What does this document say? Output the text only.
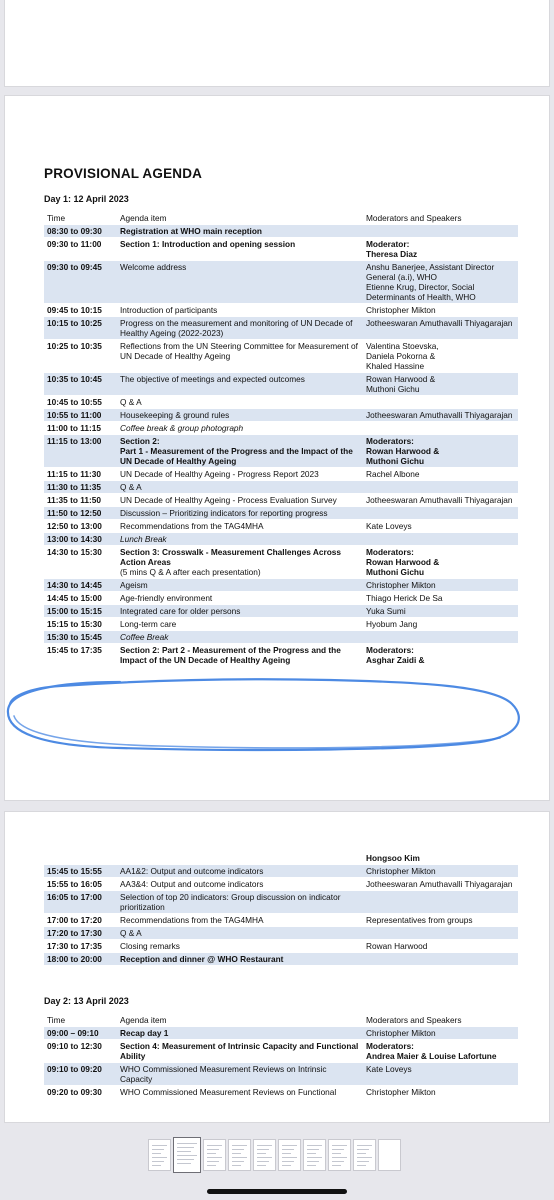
PROVISIONAL AGENDA
Day 1: 12 April 2023
Time	Agenda item	Moderators and Speakers
08:30 to 09:30	Registration at WHO main reception	
09:30 to 11:00	Section 1: Introduction and opening session	Moderator:
Theresa Diaz
09:30 to 09:45	Welcome address	Anshu Banerjee, Assistant Director General (a.i), WHO
Etienne Krug, Director, Social Determinants of Health, WHO
09:45 to 10:15	Introduction of participants	Christopher Mikton
10:15 to 10:25	Progress on the measurement and monitoring of UN Decade of Healthy Ageing (2022-2023)	Jotheeswaran Amuthavalli Thiyagarajan
10:25 to 10:35	Reflections from the UN Steering Committee for Measurement of UN Decade of Healthy Ageing	Valentina Stoevska,
Daniela Pokorna &
Khaled Hassine
10:35 to 10:45	The objective of meetings and expected outcomes	Rowan Harwood &
Muthoni Gichu
10:45 to 10:55	Q & A	
10:55 to 11:00	Housekeeping & ground rules	Jotheeswaran Amuthavalli Thiyagarajan
11:00 to 11:15	Coffee break & group photograph	
11:15 to 13:00	Section 2:
Part 1 - Measurement of the Progress and the Impact of the UN Decade of Healthy Ageing	Moderators:
Rowan Harwood &
Muthoni Gichu
11:15 to 11:30	UN Decade of Healthy Ageing - Progress Report 2023	Rachel Albone
11:30 to 11:35	Q & A	
11:35 to 11:50	UN Decade of Healthy Ageing - Process Evaluation Survey	Jotheeswaran Amuthavalli Thiyagarajan
11:50 to 12:50	Discussion – Prioritizing indicators for reporting progress	
12:50 to 13:00	Recommendations from the TAG4MHA	Kate Loveys
13:00 to 14:30	Lunch Break	
14:30 to 15:30	Section 3: Crosswalk - Measurement Challenges Across Action Areas
(5 mins Q & A after each presentation)	Moderators:
Rowan Harwood &
Muthoni Gichu
14:30 to 14:45	Ageism	Christopher Mikton
14:45 to 15:00	Age-friendly environment	Thiago Herick De Sa
15:00 to 15:15	Integrated care for older persons	Yuka Sumi
15:15 to 15:30	Long-term care	Hyobum Jang
15:30 to 15:45	Coffee Break	
15:45 to 17:35	Section 2: Part 2 - Measurement of the Progress and the Impact of the UN Decade of Healthy Ageing	Moderators:
Asghar Zaidi &
		Hongsoo Kim
15:45 to 15:55	AA1&2: Output and outcome indicators	Christopher Mikton
15:55 to 16:05	AA3&4: Output and outcome indicators	Jotheeswaran Amuthavalli Thiyagarajan
16:05 to 17:00	Selection of top 20 indicators: Group discussion on indicator prioritization	
17:00 to 17:20	Recommendations from the TAG4MHA	Representatives from groups
17:20 to 17:30	Q & A	
17:30 to 17:35	Closing remarks	Rowan Harwood
18:00 to 20:00	Reception and dinner @ WHO Restaurant	
Day 2: 13 April 2023
Time	Agenda item	Moderators and Speakers
09:00 – 09:10	Recap day 1	Christopher Mikton
09:10 to 12:30	Section 4: Measurement of Intrinsic Capacity and Functional Ability	Moderators:
Andrea Maier & Louise Lafortune
09:10 to 09:20	WHO Commissioned Measurement Reviews on Intrinsic Capacity	Kate Loveys
09:20 to 09:30	WHO Commissioned Measurement Reviews on Functional	Christopher Mikton
